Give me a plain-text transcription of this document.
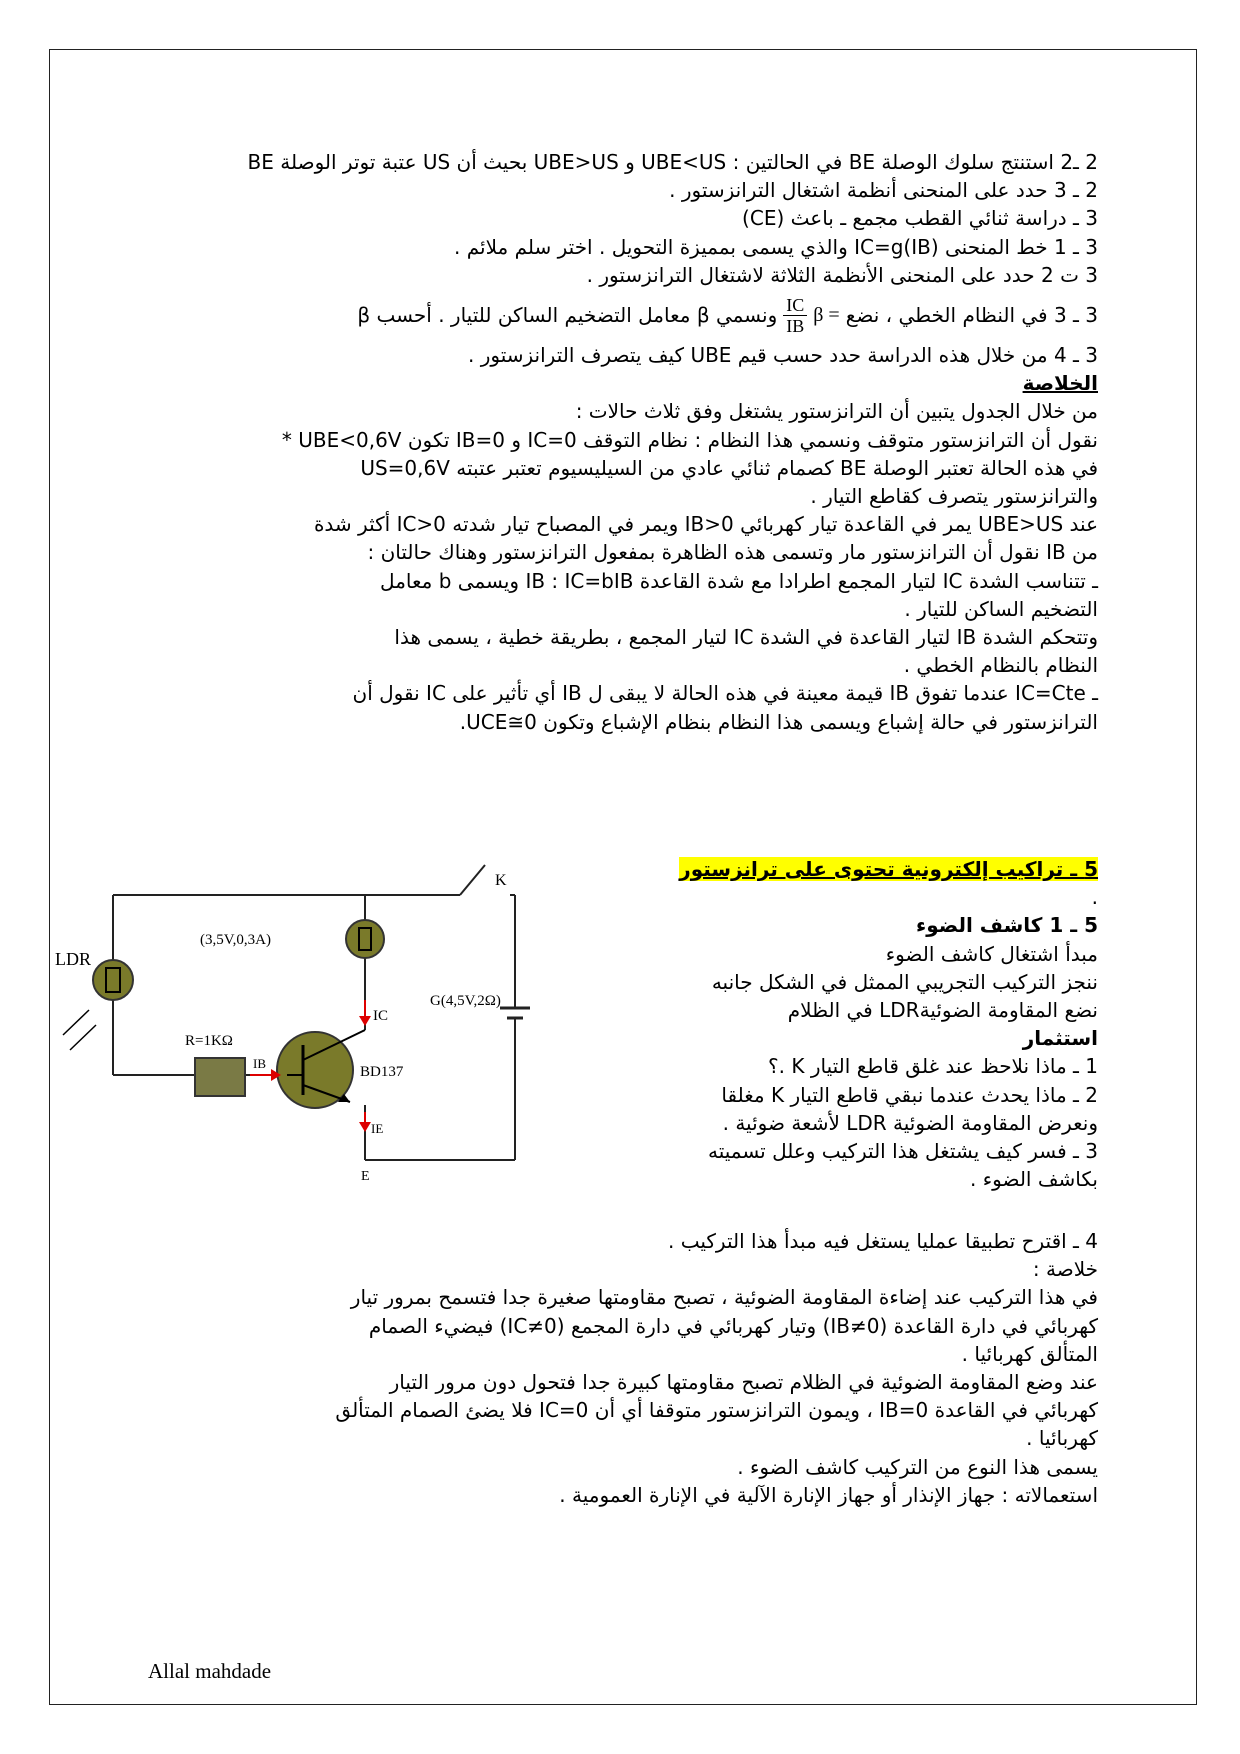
2 ـ2 استنتج سلوك الوصلة BE في الحالتين : UBE<US و UBE>US بحيث أن US عتبة توتر الوصلة BE

2 ـ 3 حدد على المنحنى أنظمة اشتغال الترانزستور .

3 ـ دراسة ثنائي القطب مجمع ـ باعث (CE)

3 ـ 1 خط المنحنى IC=g(IB) والذي يسمى بمميزة التحويل . اختر سلم ملائم .

3 ت 2 حدد على المنحنى الأنظمة الثلاثة لاشتغال الترانزستور .

3 ـ 3 في النظام الخطي ، نضع
β =
$\frac{IC}{IB}$
ونسمي β معامل التضخيم الساكن للتيار . أحسب β

3 ـ 4 من خلال هذه الدراسة حدد حسب قيم UBE كيف يتصرف الترانزستور .

الخلاصة

من خلال الجدول يتبين أن الترانزستور يشتغل وفق ثلاث حالات :

* UBE<0,6V تكون IB=0 و IC=0 نقول أن الترانزستور متوقف ونسمي هذا النظام : نظام التوقف

في هذه الحالة تعتبر الوصلة BE كصمام ثنائي عادي من السيليسيوم تعتبر عتبته US=0,6V

والترانزستور يتصرف كقاطع التيار .

عند UBE>US يمر في القاعدة تيار كهربائي IB>0 ويمر في المصباح تيار شدته IC>0 أكثر شدة

من IB نقول أن الترانزستور مار وتسمى هذه الظاهرة بمفعول الترانزستور وهناك حالتان :

ـ تتناسب الشدة IC لتيار المجمع اطرادا مع شدة القاعدة IB : IC=bIB ويسمى b معامل

التضخيم الساكن للتيار .

وتتحكم الشدة IB لتيار القاعدة في الشدة IC لتيار المجمع ، بطريقة خطية ، يسمى هذا

النظام بالنظام الخطي .

ـ IC=Cte عندما تفوق IB قيمة معينة في هذه الحالة لا يبقى ل IB أي تأثير على IC نقول أن

الترانزستور في حالة إشباع ويسمى هذا النظام بنظام الإشباع وتكون UCE≅0.

5 ـ تراكيب إلكترونية تحتوى على ترانزستور

.

5 ـ 1 كاشف الضوء

مبدأ اشتغال كاشف الضوء

ننجز التركيب التجريبي الممثل في الشكل جانبه

نضع المقاومة الضوئيةLDR في الظلام

استثمار

1 ـ ماذا نلاحظ عند غلق قاطع التيار K .؟

2 ـ ماذا يحدث عندما نبقي قاطع التيار K مغلقا

ونعرض المقاومة الضوئية LDR لأشعة ضوئية .

3 ـ فسر كيف يشتغل هذا التركيب وعلل تسميته

بكاشف الضوء .

4 ـ اقترح تطبيقا عمليا يستغل فيه مبدأ هذا التركيب .

خلاصة :

في هذا التركيب عند إضاءة المقاومة الضوئية ، تصبح مقاومتها صغيرة جدا فتسمح بمرور تيار

كهربائي في دارة القاعدة (IB≠0) وتيار كهربائي في دارة المجمع (IC≠0) فيضيء الصمام

المتألق كهربائيا .

عند وضع المقاومة الضوئية في الظلام تصبح مقاومتها كبيرة جدا فتحول دون مرور التيار

كهربائي في القاعدة IB=0 ، ويمون الترانزستور متوقفا أي أن IC=0 فلا يضئ الصمام المتألق

كهربائيا .

يسمى هذا النوع من التركيب كاشف الضوء .

استعمالاته : جهاز الإنذار أو جهاز الإنارة الآلية في الإنارة العمومية .

LDR
(3,5V,0,3A)
R=1KΩ
BD137
G(4,5V,2Ω)
K
IC
IB
IE
E
Allal mahdade
